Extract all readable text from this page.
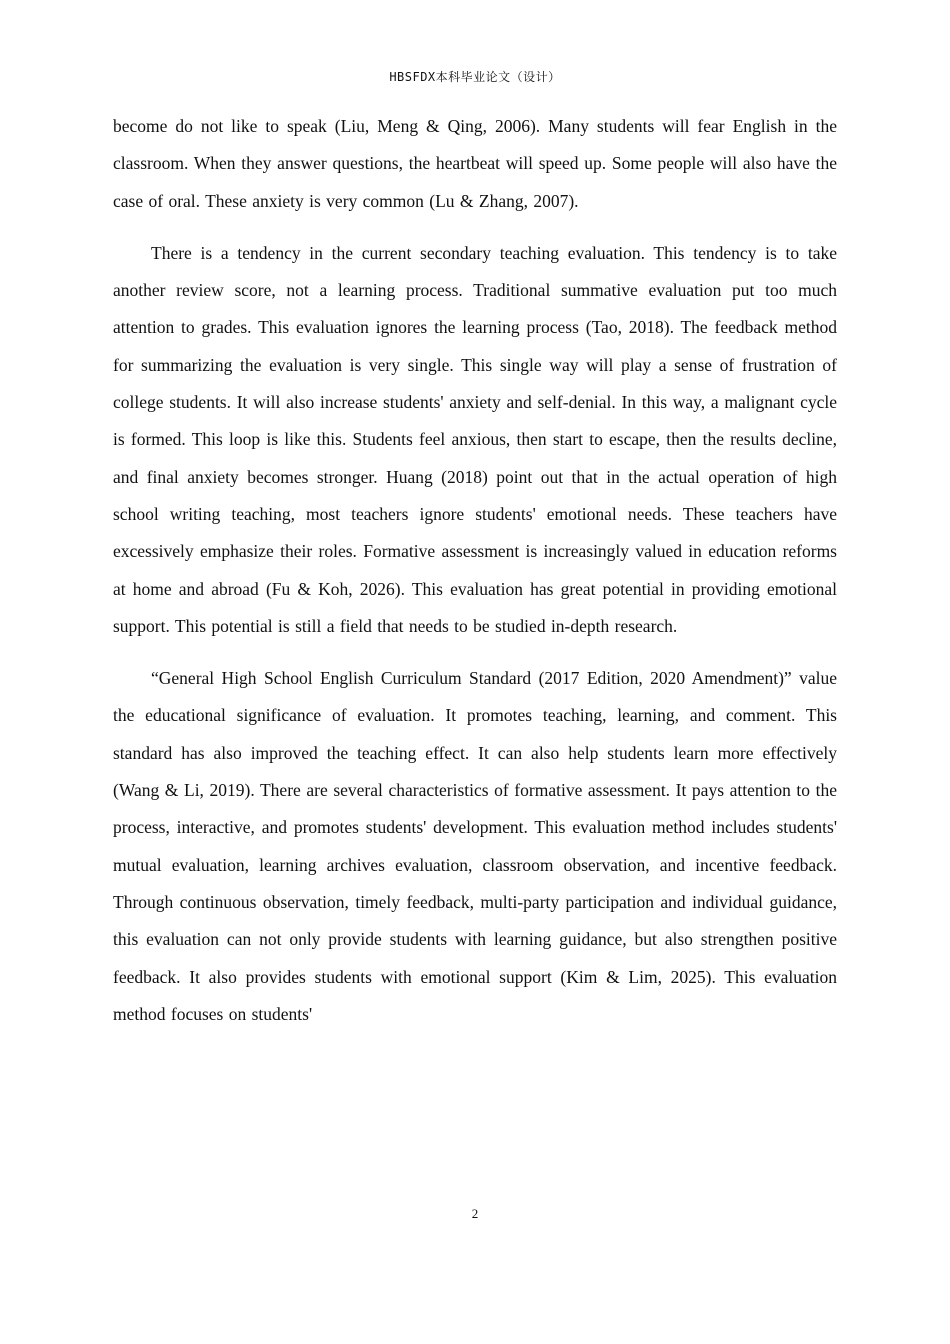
HBSFDX本科毕业论文（设计）

become do not like to speak (Liu, Meng & Qing, 2006). Many students will fear English in the classroom. When they answer questions, the heartbeat will speed up. Some people will also have the case of oral. These anxiety is very common (Lu & Zhang, 2007).

There is a tendency in the current secondary teaching evaluation. This tendency is to take another review score, not a learning process. Traditional summative evaluation put too much attention to grades. This evaluation ignores the learning process (Tao, 2018). The feedback method for summarizing the evaluation is very single. This single way will play a sense of frustration of college students. It will also increase students' anxiety and self-denial. In this way, a malignant cycle is formed. This loop is like this. Students feel anxious, then start to escape, then the results decline, and final anxiety becomes stronger. Huang (2018) point out that in the actual operation of high school writing teaching, most teachers ignore students' emotional needs. These teachers have excessively emphasize their roles. Formative assessment is increasingly valued in education reforms at home and abroad (Fu & Koh, 2026). This evaluation has great potential in providing emotional support. This potential is still a field that needs to be studied in-depth research.

“General High School English Curriculum Standard (2017 Edition, 2020 Amendment)” value the educational significance of evaluation. It promotes teaching, learning, and comment. This standard has also improved the teaching effect. It can also help students learn more effectively (Wang & Li, 2019). There are several characteristics of formative assessment. It pays attention to the process, interactive, and promotes students' development. This evaluation method includes students' mutual evaluation, learning archives evaluation, classroom observation, and incentive feedback. Through continuous observation, timely feedback, multi-party participation and individual guidance, this evaluation can not only provide students with learning guidance, but also strengthen positive feedback. It also provides students with emotional support (Kim & Lim, 2025). This evaluation method focuses on students'

2
